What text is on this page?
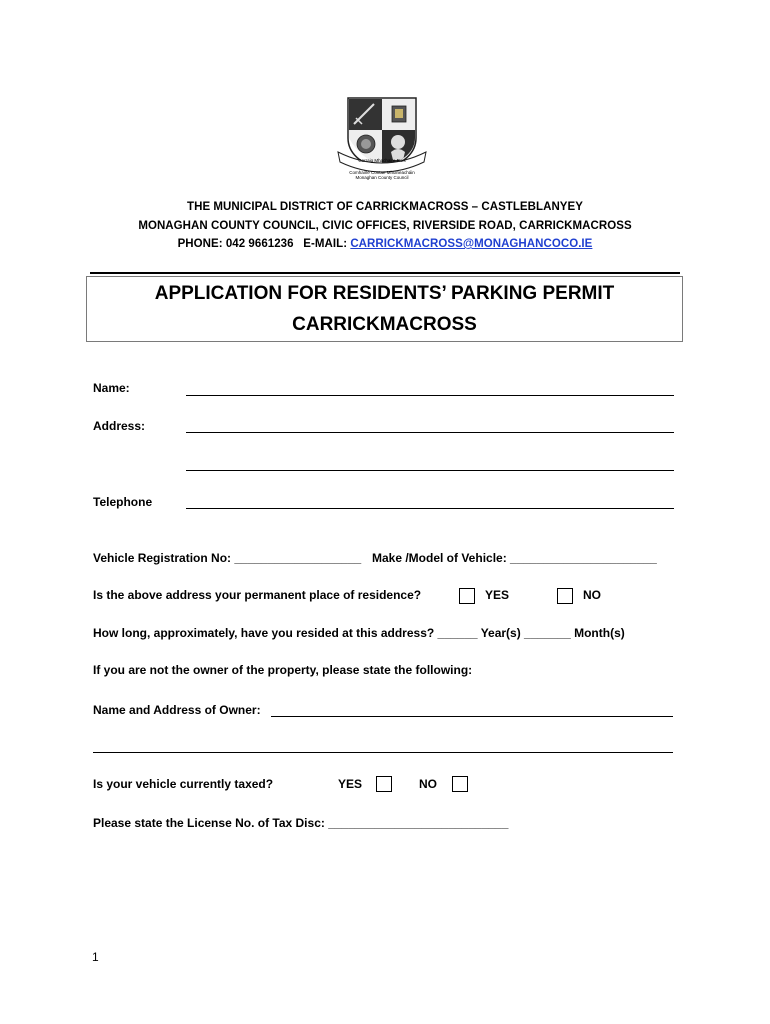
Carraig Mhachaire Rois
Comhairle Contae Mhuineacháin
Monaghan County Council
THE MUNICIPAL DISTRICT OF CARRICKMACROSS – CASTLEBLANYEY
MONAGHAN COUNTY COUNCIL, CIVIC OFFICES, RIVERSIDE ROAD, CARRICKMACROSS
PHONE: 042 9661236   E-MAIL: CARRICKMACROSS@MONAGHANCOCO.IE
APPLICATION FOR RESIDENTS’ PARKING PERMIT
CARRICKMACROSS
Name:
Address:
Telephone
Vehicle Registration No: ___________________ Make /Model of Vehicle: ______________________
Is the above address your permanent place of residence?	YES	NO
How long, approximately, have you resided at this address? ______ Year(s) _______ Month(s)
If you are not the owner of the property, please state the following:
Name and Address of Owner:
Is your vehicle currently taxed?	YES	NO
Please state the License No. of Tax Disc: ___________________________
1
